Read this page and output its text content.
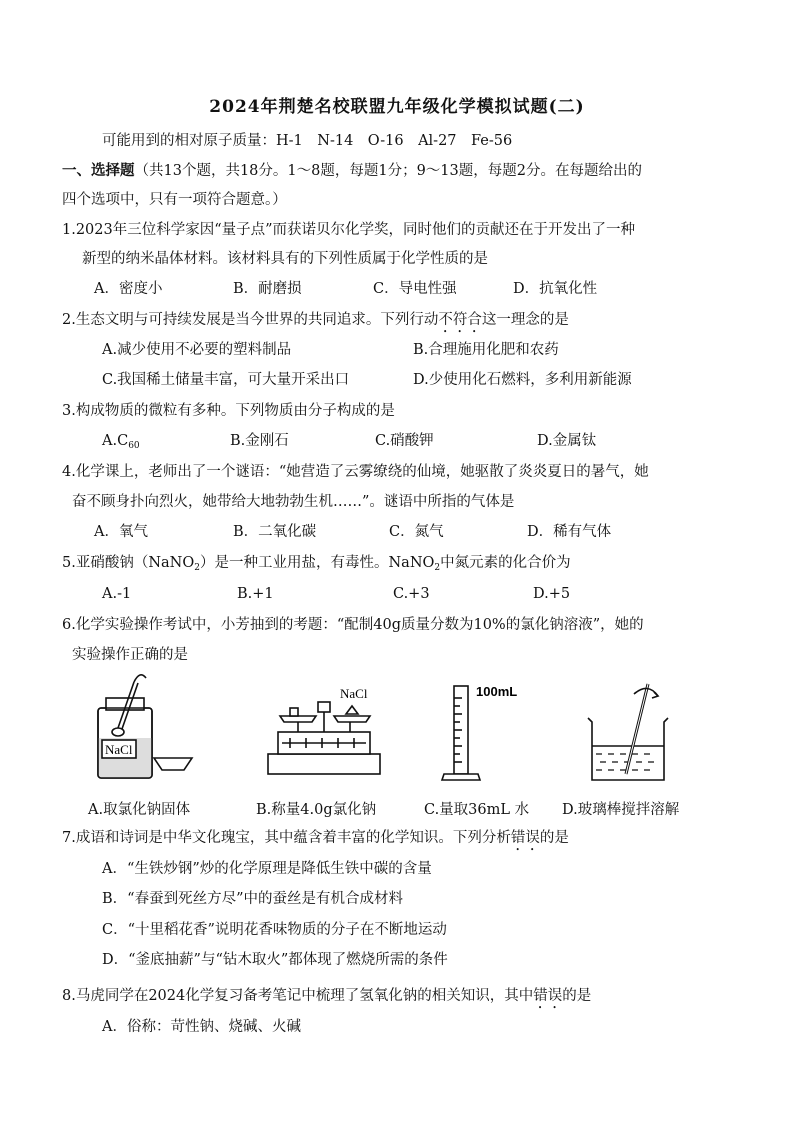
2024年荆楚名校联盟九年级化学模拟试题(二)
可能用到的相对原子质量：H-1　N-14　O-16　Al-27　Fe-56
一、选择题（共13个题，共18分。1～8题，每题1分；9～13题，每题2分。在每题给出的
四个选项中，只有一项符合题意。）
1.2023年三位科学家因“量子点”而获诺贝尔化学奖，同时他们的贡献还在于开发出了一种
新型的纳米晶体材料。该材料具有的下列性质属于化学性质的是
A．密度小	B．耐磨损	C．导电性强	D．抗氧化性
2.生态文明与可持续发展是当今世界的共同追求。下列行动不符合这一理念的是
A.减少使用不必要的塑料制品	B.合理施用化肥和农药
C.我国稀土储量丰富，可大量开采出口	D.少使用化石燃料，多利用新能源
3.构成物质的微粒有多种。下列物质由分子构成的是
$A.C_{60}$	B.金刚石	C.硝酸钾	D.金属钛
4.化学课上，老师出了一个谜语：“她营造了云雾缭绕的仙境，她驱散了炎炎夏日的暑气，她
奋不顾身扑向烈火，她带给大地勃勃生机……”。谜语中所指的气体是
A．氧气	B．二氧化碳	C．氮气	D．稀有气体
5.亚硝酸钠（NaNO$_2$）是一种工业用盐，有毒性。NaNO$_2$中氮元素的化合价为
A.-1	B.+1	C.+3	D.+5
6.化学实验操作考试中，小芳抽到的考题：“配制40g质量分数为10%的氯化钠溶液”，她的
实验操作正确的是
NaCl
NaCl	100mL
A.取氯化钠固体	B.称量4.0g氯化钠	C.量取36mL 水 D.玻璃棒搅拌溶解
7.成语和诗词是中华文化瑰宝，其中蕴含着丰富的化学知识。下列分析错误的是
A．“生铁炒钢”炒的化学原理是降低生铁中碳的含量
B．“春蚕到死丝方尽”中的蚕丝是有机合成材料
C．“十里稻花香”说明花香味物质的分子在不断地运动
D．“釜底抽薪”与“钻木取火”都体现了燃烧所需的条件
8.马虎同学在2024化学复习备考笔记中梳理了氢氧化钠的相关知识，其中错误的是
A．俗称：苛性钠、烧碱、火碱
